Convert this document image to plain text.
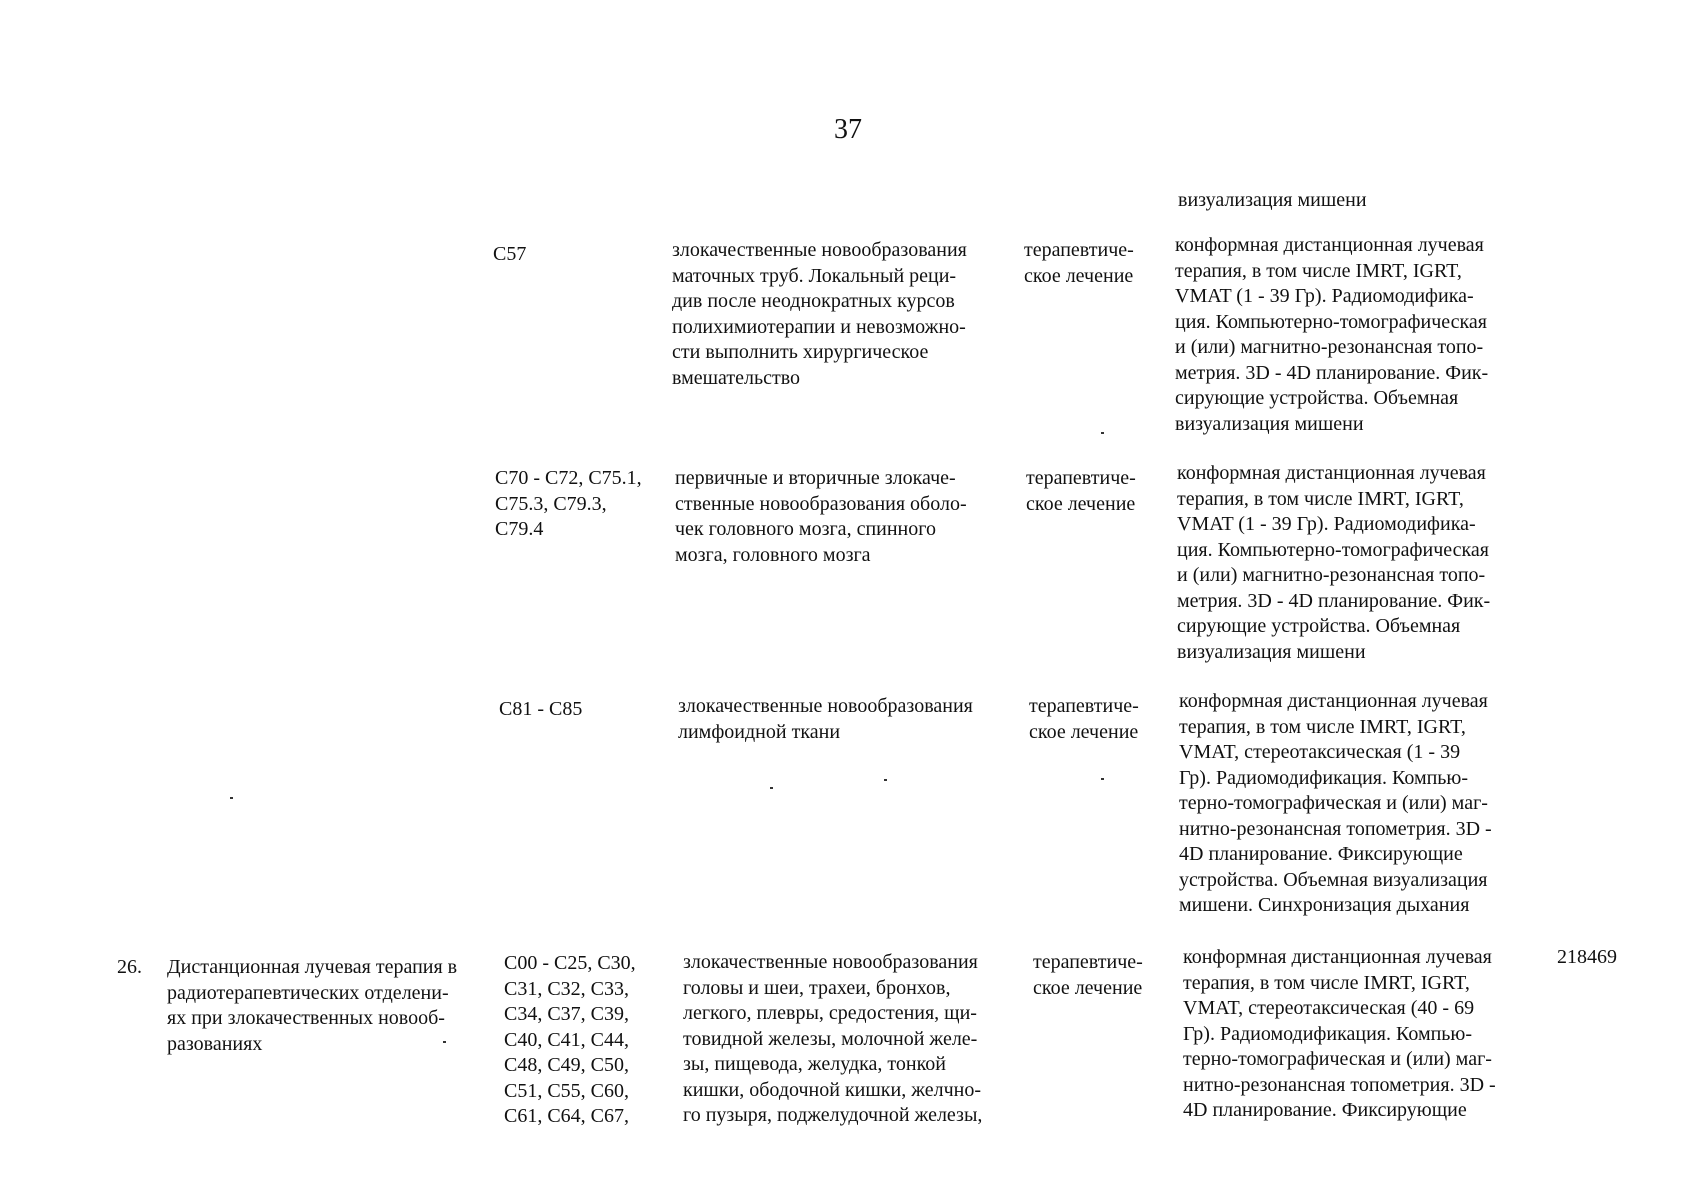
37
визуализация мишени
C57	злокачественные новообразования
маточных труб. Локальный реци-
див после неоднократных курсов
полихимиотерапии и невозможно-
сти выполнить хирургическое
вмешательство
терапевтиче-
ское лечение
конформная дистанционная лучевая
терапия, в том числе IMRT, IGRT,
VMAT (1 - 39 Гр). Радиомодифика-
ция. Компьютерно-томографическая
и (или) магнитно-резонансная топо-
метрия. 3D - 4D планирование. Фик-
сирующие устройства. Объемная
визуализация мишени
C70 - C72, C75.1,
C75.3, C79.3,
C79.4
первичные и вторичные злокаче-
ственные новообразования оболо-
чек головного мозга, спинного
мозга, головного мозга
терапевтиче-
ское лечение
конформная дистанционная лучевая
терапия, в том числе IMRT, IGRT,
VMAT (1 - 39 Гр). Радиомодифика-
ция. Компьютерно-томографическая
и (или) магнитно-резонансная топо-
метрия. 3D - 4D планирование. Фик-
сирующие устройства. Объемная
визуализация мишени
C81 - C85	злокачественные новообразования
лимфоидной ткани
терапевтиче-
ское лечение
конформная дистанционная лучевая
терапия, в том числе IMRT, IGRT,
VMAT, стереотаксическая (1 - 39
Гр). Радиомодификация. Компью-
терно-томографическая и (или) маг-
нитно-резонансная топометрия. 3D -
4D планирование. Фиксирующие
устройства. Объемная визуализация
мишени. Синхронизация дыхания
26. Дистанционная лучевая терапия в
радиотерапевтических отделени-
ях при злокачественных новооб-
разованиях
C00 - C25, C30,
C31, C32, C33,
C34, C37, C39,
C40, C41, C44,
C48, C49, C50,
C51, C55, C60,
C61, C64, C67,
злокачественные новообразования
головы и шеи, трахеи, бронхов,
легкого, плевры, средостения, щи-
товидной железы, молочной желе-
зы, пищевода, желудка, тонкой
кишки, ободочной кишки, желчно-
го пузыря, поджелудочной железы,
терапевтиче-
ское лечение
конформная дистанционная лучевая
терапия, в том числе IMRT, IGRT,
VMAT, стереотаксическая (40 - 69
Гр). Радиомодификация. Компью-
терно-томографическая и (или) маг-
нитно-резонансная топометрия. 3D -
4D планирование. Фиксирующие
218469
